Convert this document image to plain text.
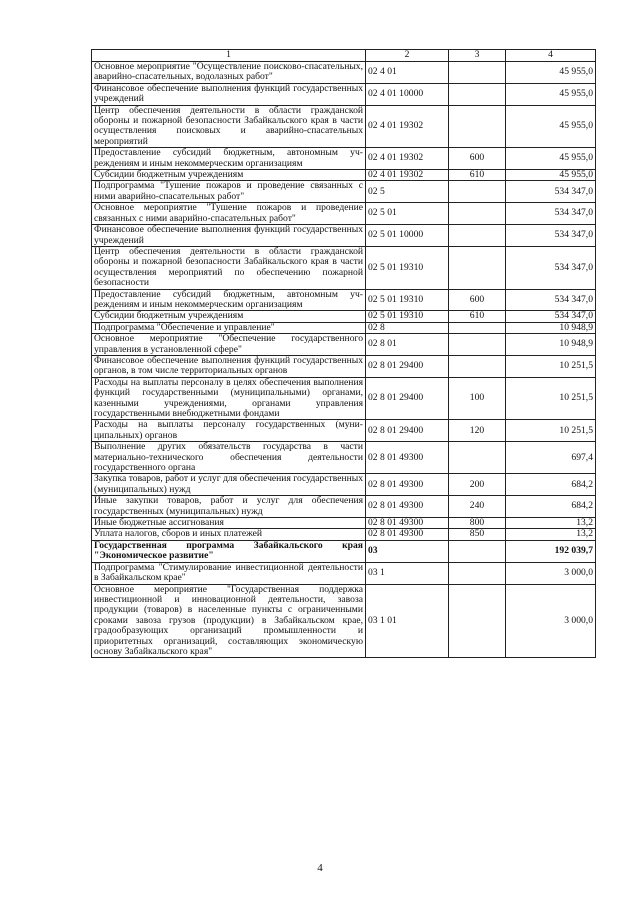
1	2	3	4
Основное мероприятие "Осуществление поисково-спасательных, аварийно-спасательных, водолазных работ"	02 4 01		45 955,0
Финансовое обеспечение выполнения функций государственных учреждений	02 4 01 10000		45 955,0
Центр обеспечения деятельности в области гражданской обороны и пожарной безопасности Забайкальского края в части осуществления поисковых и аварийно-спасательных мероприятий	02 4 01 19302		45 955,0
Предоставление субсидий бюджетным, автономным учреждениям и иным некоммерческим организациям	02 4 01 19302	600	45 955,0
Субсидии бюджетным учреждениям	02 4 01 19302	610	45 955,0
Подпрограмма "Тушение пожаров и проведение связанных с ними аварийно-спасательных работ"	02 5		534 347,0
Основное мероприятие "Тушение пожаров и проведение связанных с ними аварийно-спасательных работ"	02 5 01		534 347,0
Финансовое обеспечение выполнения функций государственных учреждений	02 5 01 10000		534 347,0
Центр обеспечения деятельности в области гражданской обороны и пожарной безопасности Забайкальского края в части осуществления мероприятий по обеспечению пожарной безопасности	02 5 01 19310		534 347,0
Предоставление субсидий бюджетным, автономным учреждениям и иным некоммерческим организациям	02 5 01 19310	600	534 347,0
Субсидии бюджетным учреждениям	02 5 01 19310	610	534 347,0
Подпрограмма "Обеспечение и управление"	02 8		10 948,9
Основное мероприятие "Обеспечение государственного управления в установленной сфере"	02 8 01		10 948,9
Финансовое обеспечение выполнения функций государственных органов, в том числе территориальных органов	02 8 01 29400		10 251,5
Расходы на выплаты персоналу в целях обеспечения выполнения функций государственными (муниципальными) органами, казенными учреждениями, органами управления государственными внебюджетными фондами	02 8 01 29400	100	10 251,5
Расходы на выплаты персоналу государственных (муниципальных) органов	02 8 01 29400	120	10 251,5
Выполнение других обязательств государства в части материально-технического обеспечения деятельности государственного органа	02 8 01 49300		697,4
Закупка товаров, работ и услуг для обеспечения государственных (муниципальных) нужд	02 8 01 49300	200	684,2
Иные закупки товаров, работ и услуг для обеспечения государственных (муниципальных) нужд	02 8 01 49300	240	684,2
Иные бюджетные ассигнования	02 8 01 49300	800	13,2
Уплата налогов, сборов и иных платежей	02 8 01 49300	850	13,2
Государственная программа Забайкальского края "Экономическое развитие"	03		192 039,7
Подпрограмма "Стимулирование инвестиционной деятельности в Забайкальском крае"	03 1		3 000,0
Основное мероприятие "Государственная поддержка инвестиционной и инновационной деятельности, завоза продукции (товаров) в населенные пункты с ограниченными сроками завоза грузов (продукции) в Забайкальском крае, градообразующих организаций промышленности и приоритетных организаций, составляющих экономическую основу Забайкальского края"	03 1 01		3 000,0
4
